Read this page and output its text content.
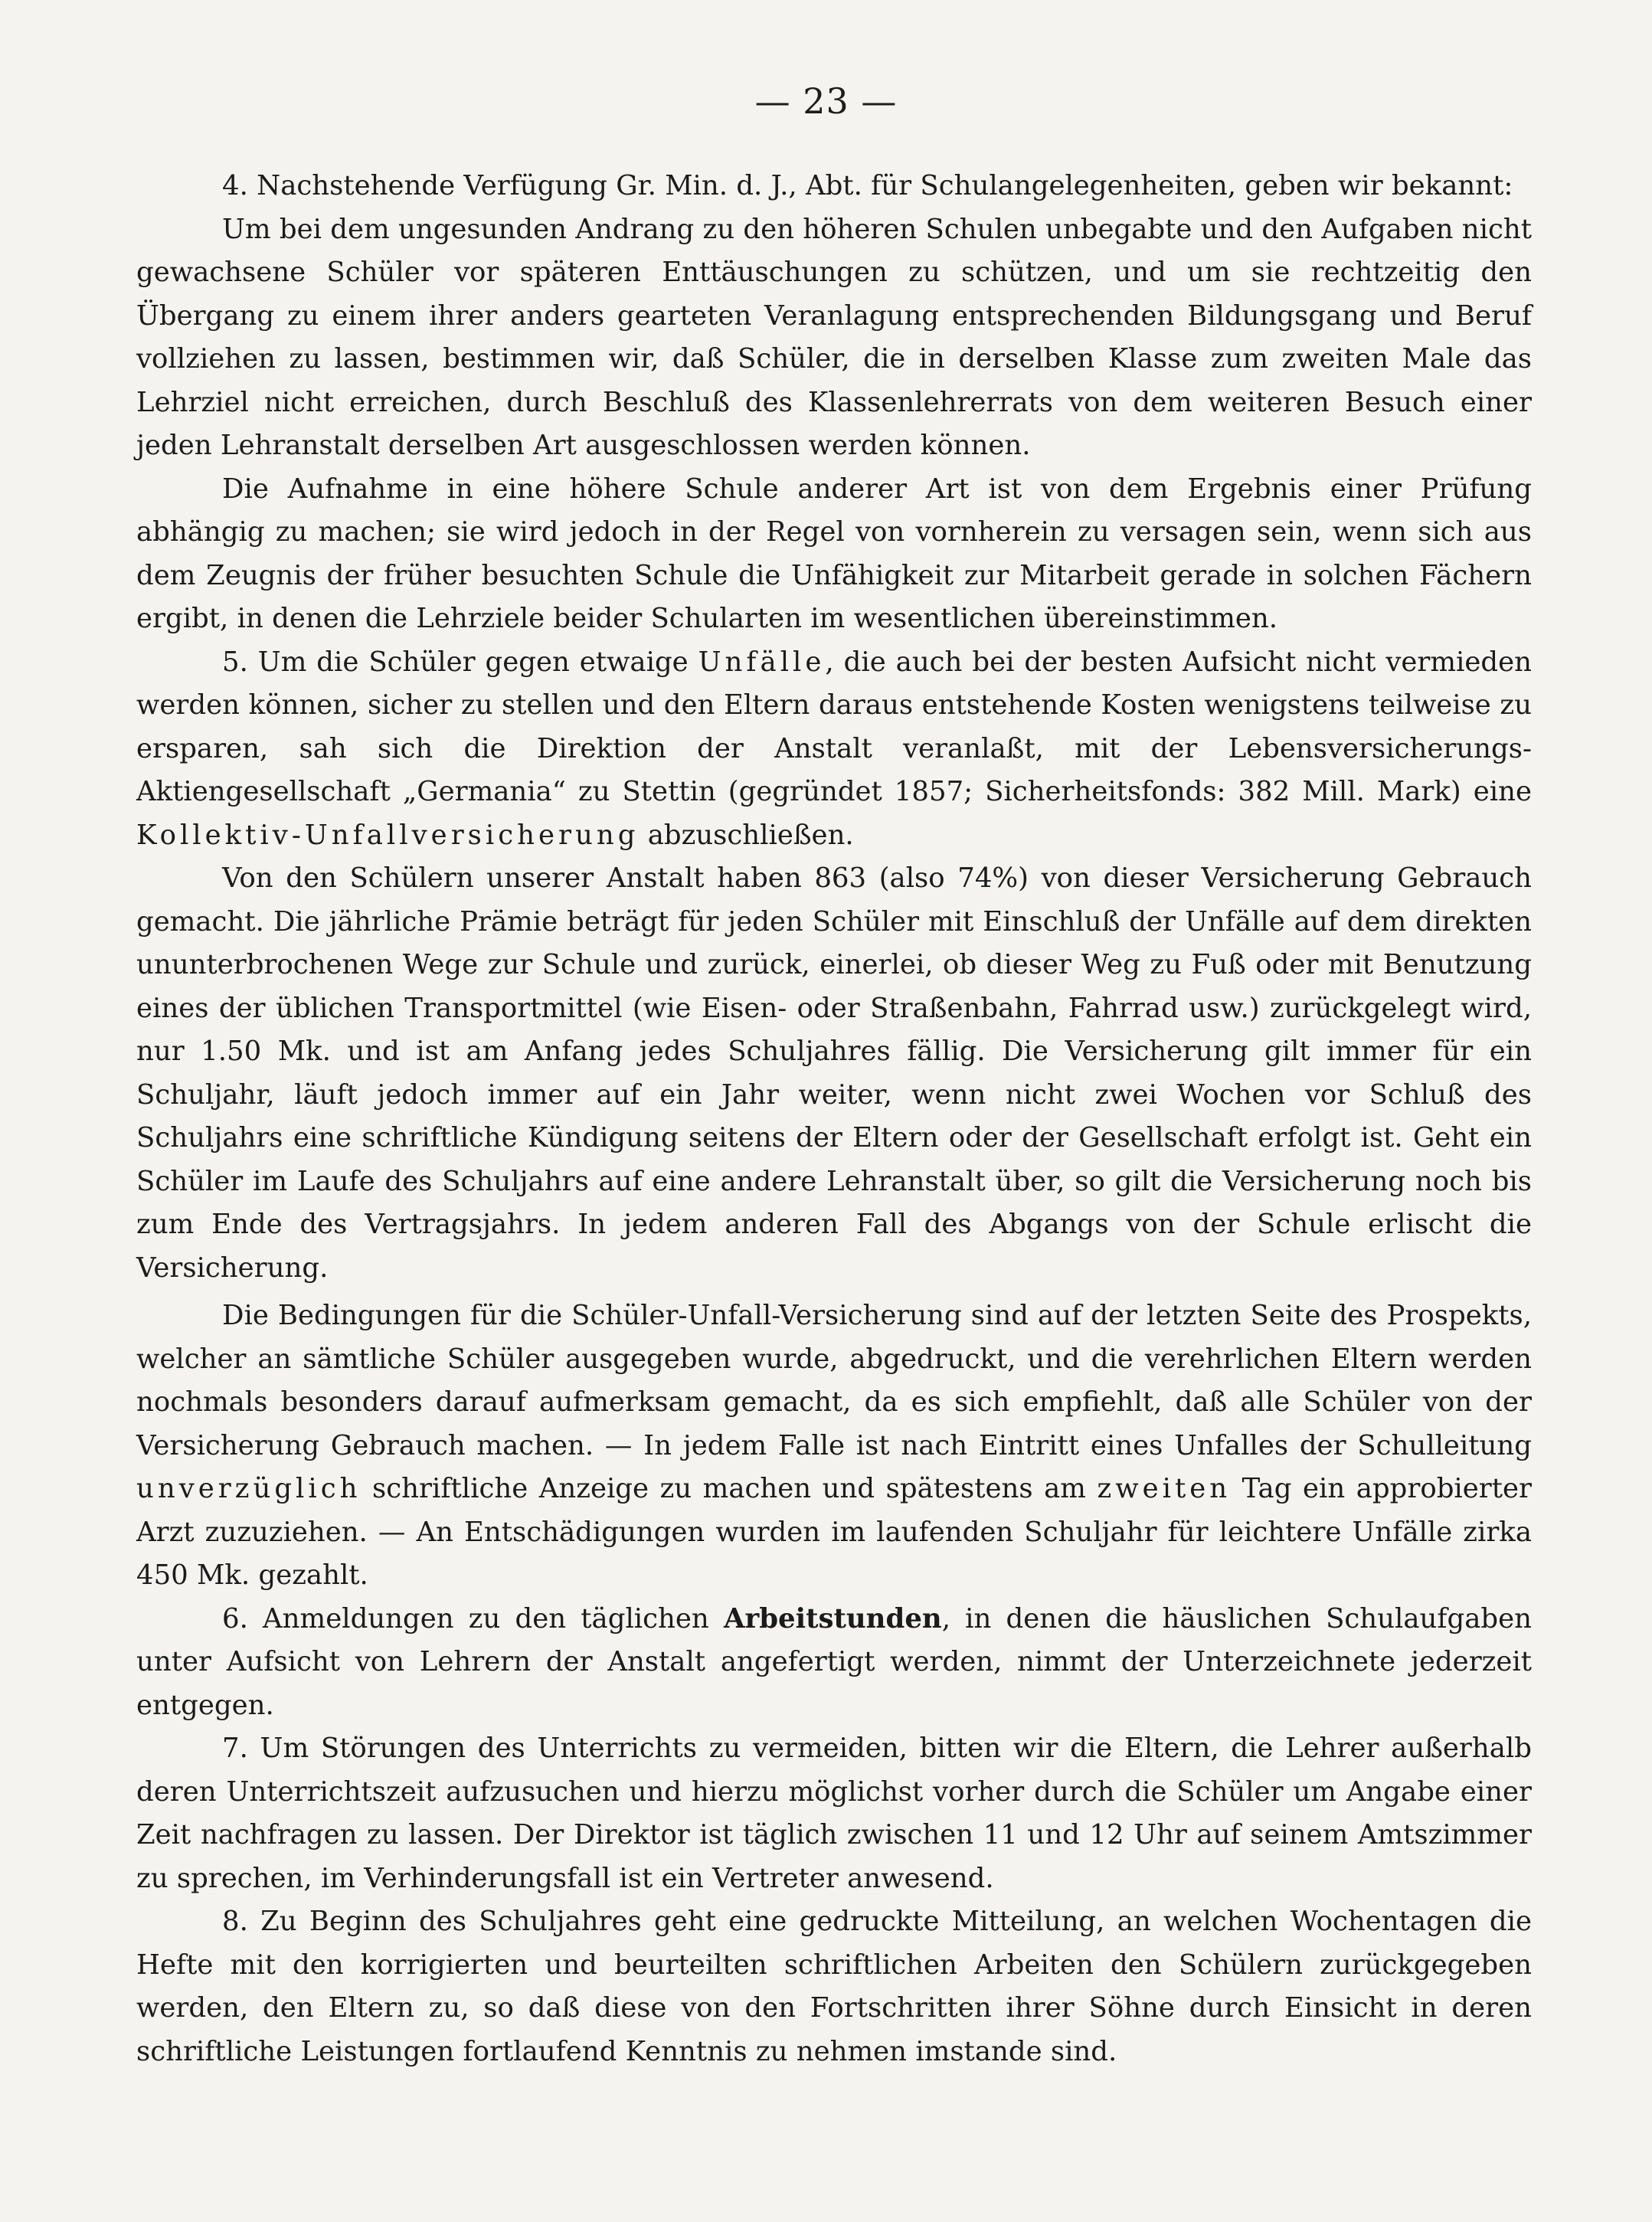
— 23 —

4. Nachstehende Verfügung Gr. Min. d. J., Abt. für Schulangelegenheiten, geben wir bekannt:

Um bei dem ungesunden Andrang zu den höheren Schulen unbegabte und den Aufgaben nicht gewachsene Schüler vor späteren Enttäuschungen zu schützen, und um sie rechtzeitig den Übergang zu einem ihrer anders gearteten Veranlagung entsprechenden Bildungsgang und Beruf vollziehen zu lassen, bestimmen wir, daß Schüler, die in derselben Klasse zum zweiten Male das Lehrziel nicht erreichen, durch Beschluß des Klassenlehrerrats von dem weiteren Besuch einer jeden Lehranstalt derselben Art ausgeschlossen werden können.

Die Aufnahme in eine höhere Schule anderer Art ist von dem Ergebnis einer Prüfung abhängig zu machen; sie wird jedoch in der Regel von vornherein zu versagen sein, wenn sich aus dem Zeugnis der früher besuchten Schule die Unfähigkeit zur Mitarbeit gerade in solchen Fächern ergibt, in denen die Lehrziele beider Schularten im wesentlichen übereinstimmen.

5. Um die Schüler gegen etwaige Unfälle, die auch bei der besten Aufsicht nicht vermieden werden können, sicher zu stellen und den Eltern daraus entstehende Kosten wenigstens teilweise zu ersparen, sah sich die Direktion der Anstalt veranlaßt, mit der Lebensversicherungs-Aktiengesellschaft „Germania“ zu Stettin (gegründet 1857; Sicherheitsfonds: 382 Mill. Mark) eine Kollektiv-Unfallversicherung abzuschließen.

Von den Schülern unserer Anstalt haben 863 (also 74%) von dieser Versicherung Gebrauch gemacht. Die jährliche Prämie beträgt für jeden Schüler mit Einschluß der Unfälle auf dem direkten ununterbrochenen Wege zur Schule und zurück, einerlei, ob dieser Weg zu Fuß oder mit Benutzung eines der üblichen Transportmittel (wie Eisen- oder Straßenbahn, Fahrrad usw.) zurückgelegt wird, nur 1.50 Mk. und ist am Anfang jedes Schuljahres fällig. Die Versicherung gilt immer für ein Schuljahr, läuft jedoch immer auf ein Jahr weiter, wenn nicht zwei Wochen vor Schluß des Schuljahrs eine schriftliche Kündigung seitens der Eltern oder der Gesellschaft erfolgt ist. Geht ein Schüler im Laufe des Schuljahrs auf eine andere Lehranstalt über, so gilt die Versicherung noch bis zum Ende des Vertragsjahrs. In jedem anderen Fall des Abgangs von der Schule erlischt die Versicherung.

Die Bedingungen für die Schüler-Unfall-Versicherung sind auf der letzten Seite des Prospekts, welcher an sämtliche Schüler ausgegeben wurde, abgedruckt, und die verehrlichen Eltern werden nochmals besonders darauf aufmerksam gemacht, da es sich empfiehlt, daß alle Schüler von der Versicherung Gebrauch machen. — In jedem Falle ist nach Eintritt eines Unfalles der Schulleitung unverzüglich schriftliche Anzeige zu machen und spätestens am zweiten Tag ein approbierter Arzt zuzuziehen. — An Entschädigungen wurden im laufenden Schuljahr für leichtere Unfälle zirka 450 Mk. gezahlt.

6. Anmeldungen zu den täglichen Arbeitstunden, in denen die häuslichen Schulaufgaben unter Aufsicht von Lehrern der Anstalt angefertigt werden, nimmt der Unterzeichnete jederzeit entgegen.

7. Um Störungen des Unterrichts zu vermeiden, bitten wir die Eltern, die Lehrer außerhalb deren Unterrichtszeit aufzusuchen und hierzu möglichst vorher durch die Schüler um Angabe einer Zeit nachfragen zu lassen. Der Direktor ist täglich zwischen 11 und 12 Uhr auf seinem Amtszimmer zu sprechen, im Verhinderungsfall ist ein Vertreter anwesend.

8. Zu Beginn des Schuljahres geht eine gedruckte Mitteilung, an welchen Wochentagen die Hefte mit den korrigierten und beurteilten schriftlichen Arbeiten den Schülern zurückgegeben werden, den Eltern zu, so daß diese von den Fortschritten ihrer Söhne durch Einsicht in deren schriftliche Leistungen fortlaufend Kenntnis zu nehmen imstande sind.
